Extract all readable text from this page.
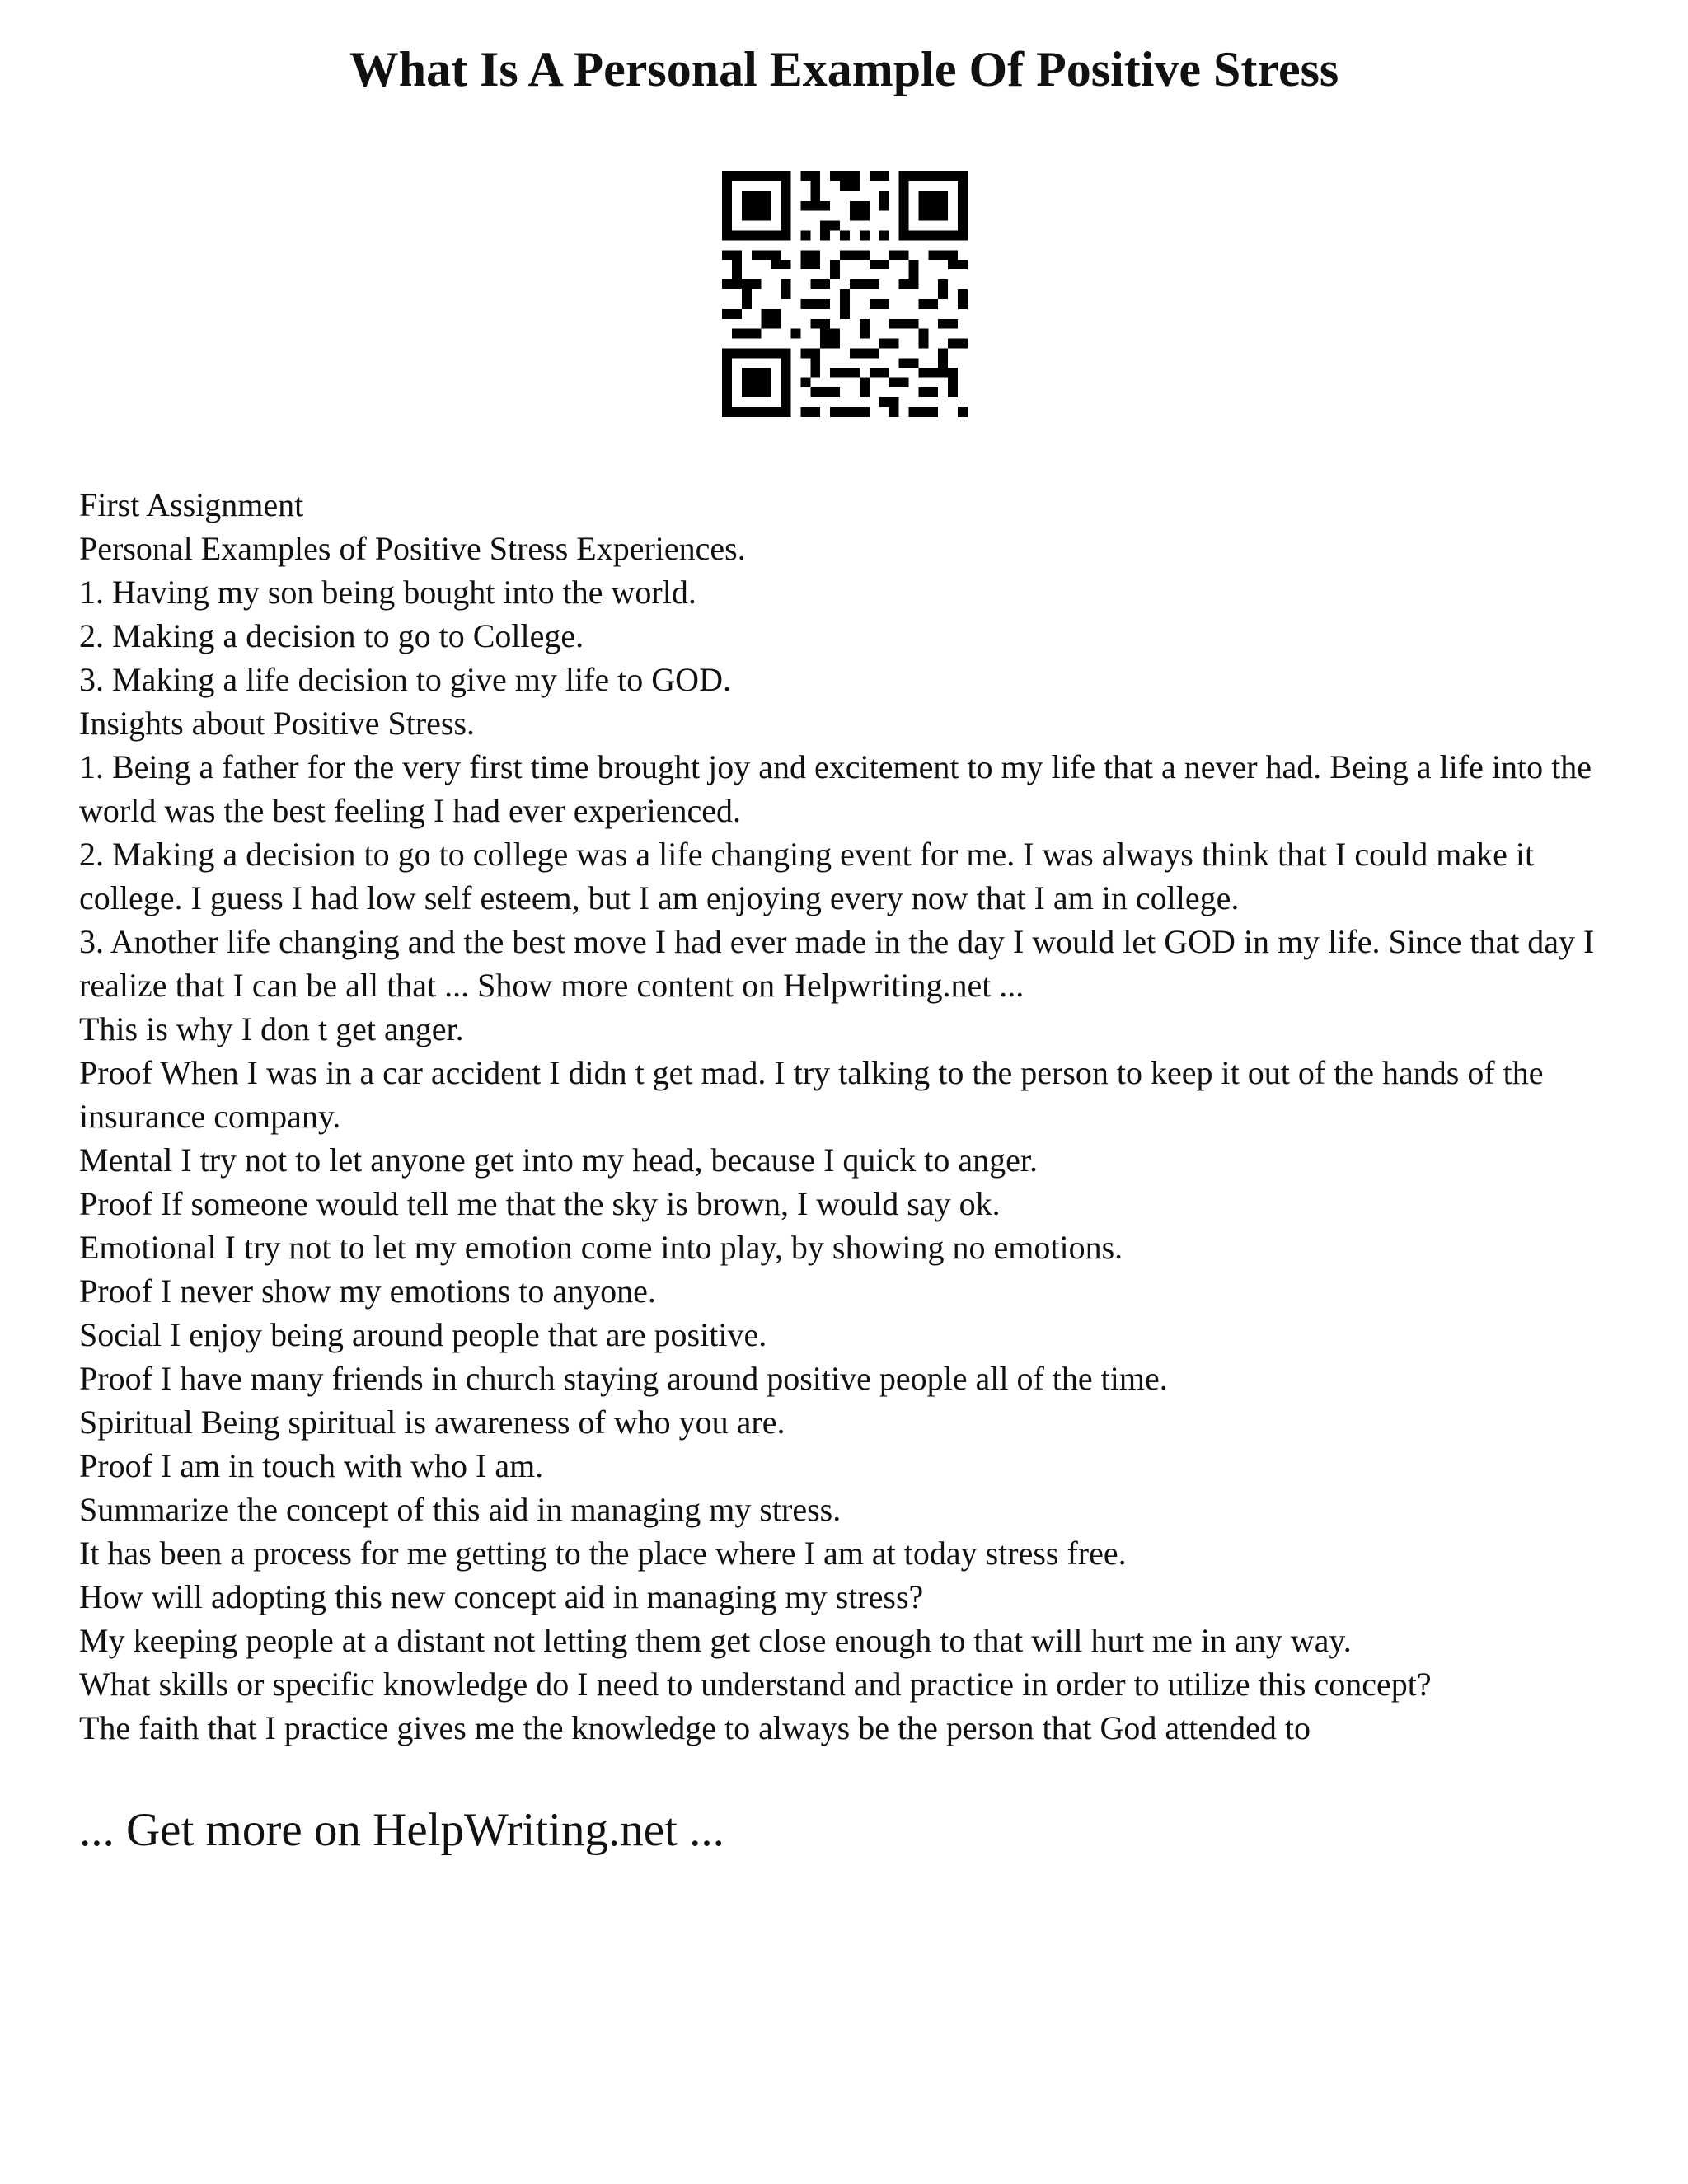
What Is A Personal Example Of Positive Stress
First Assignment
Personal Examples of Positive Stress Experiences.
1. Having my son being bought into the world.
2. Making a decision to go to College.
3. Making a life decision to give my life to GOD.
Insights about Positive Stress.
1. Being a father for the very first time brought joy and excitement to my life that a never had. Being a life into the world was the best feeling I had ever experienced.
2. Making a decision to go to college was a life changing event for me. I was always think that I could make it college. I guess I had low self esteem, but I am enjoying every now that I am in college.
3. Another life changing and the best move I had ever made in the day I would let GOD in my life. Since that day I realize that I can be all that ... Show more content on Helpwriting.net ...
This is why I don t get anger.
Proof When I was in a car accident I didn t get mad. I try talking to the person to keep it out of the hands of the insurance company.
Mental I try not to let anyone get into my head, because I quick to anger.
Proof If someone would tell me that the sky is brown, I would say ok.
Emotional I try not to let my emotion come into play, by showing no emotions.
Proof I never show my emotions to anyone.
Social I enjoy being around people that are positive.
Proof I have many friends in church staying around positive people all of the time.
Spiritual Being spiritual is awareness of who you are.
Proof I am in touch with who I am.
Summarize the concept of this aid in managing my stress.
It has been a process for me getting to the place where I am at today stress free.
How will adopting this new concept aid in managing my stress?
My keeping people at a distant not letting them get close enough to that will hurt me in any way.
What skills or specific knowledge do I need to understand and practice in order to utilize this concept?
The faith that I practice gives me the knowledge to always be the person that God attended to
... Get more on HelpWriting.net ...
